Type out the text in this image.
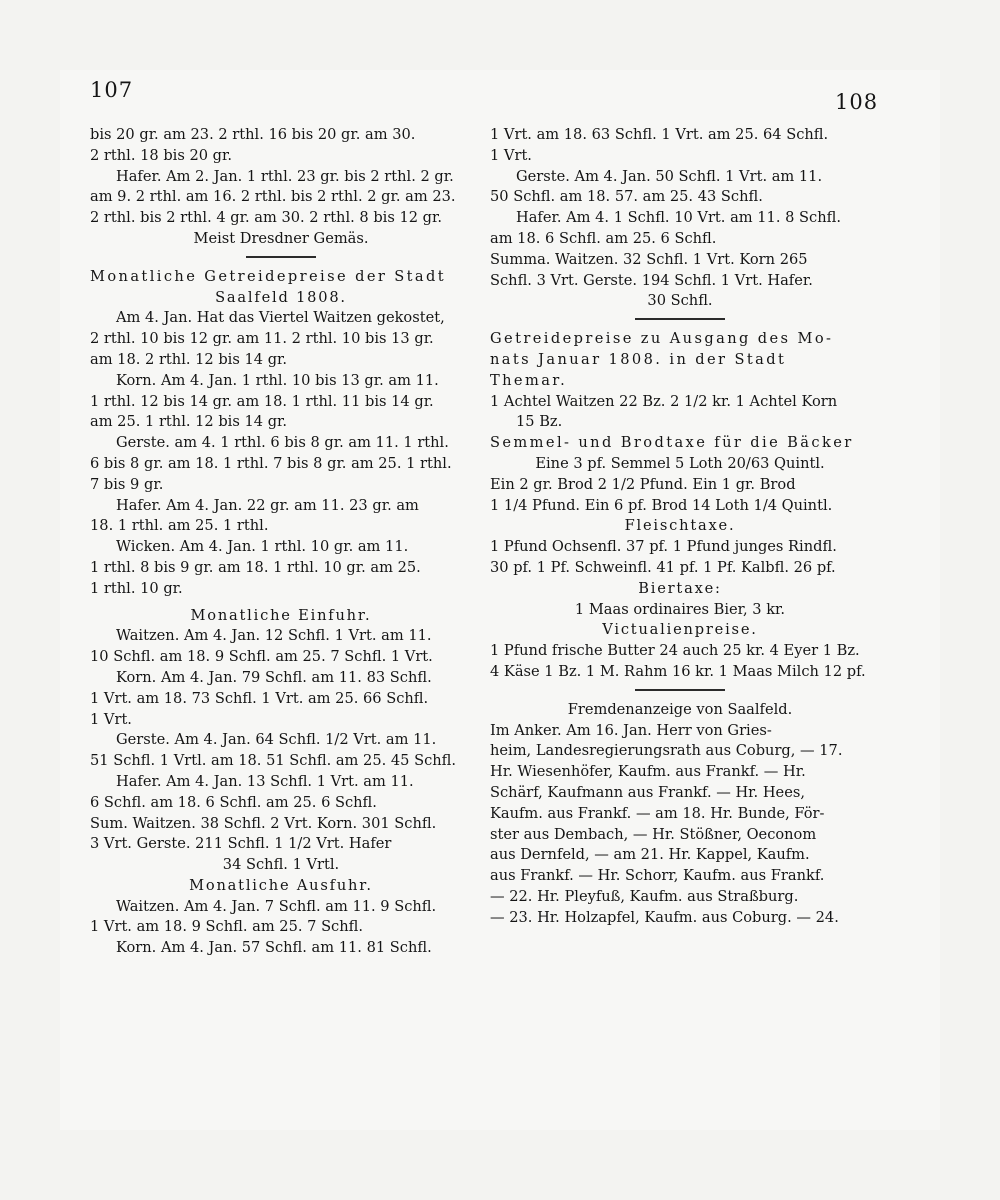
107	108

bis 20 gr. am 23. 2 rthl. 16 bis 20 gr. am 30.

2 rthl. 18 bis 20 gr.

Hafer. Am 2. Jan. 1 rthl. 23 gr. bis 2 rthl. 2 gr.

am 9. 2 rthl. am 16. 2 rthl. bis 2 rthl. 2 gr. am 23.

2 rthl. bis 2 rthl. 4 gr. am 30. 2 rthl. 8 bis 12 gr.

Meist Dresdner Gemäs.

Monatliche Getreidepreise der Stadt

Saalfeld 1808.

Am 4. Jan. Hat das Viertel Waitzen gekostet,

2 rthl. 10 bis 12 gr. am 11. 2 rthl. 10 bis 13 gr.

am 18. 2 rthl. 12 bis 14 gr.

Korn. Am 4. Jan. 1 rthl. 10 bis 13 gr. am 11.

1 rthl. 12 bis 14 gr. am 18. 1 rthl. 11 bis 14 gr.

am 25. 1 rthl. 12 bis 14 gr.

Gerste. am 4. 1 rthl. 6 bis 8 gr. am 11. 1 rthl.

6 bis 8 gr. am 18. 1 rthl. 7 bis 8 gr. am 25. 1 rthl.

7 bis 9 gr.

Hafer. Am 4. Jan. 22 gr. am 11. 23 gr. am

18. 1 rthl. am 25. 1 rthl.

Wicken. Am 4. Jan. 1 rthl. 10 gr. am 11.

1 rthl. 8 bis 9 gr. am 18. 1 rthl. 10 gr. am 25.

1 rthl. 10 gr.

Monatliche Einfuhr.

Waitzen. Am 4. Jan. 12 Schfl. 1 Vrt. am 11.

10 Schfl. am 18. 9 Schfl. am 25. 7 Schfl. 1 Vrt.

Korn. Am 4. Jan. 79 Schfl. am 11. 83 Schfl.

1 Vrt. am 18. 73 Schfl. 1 Vrt. am 25. 66 Schfl.

1 Vrt.

Gerste. Am 4. Jan. 64 Schfl. 1/2 Vrt. am 11.

51 Schfl. 1 Vrtl. am 18. 51 Schfl. am 25. 45 Schfl.

Hafer. Am 4. Jan. 13 Schfl. 1 Vrt. am 11.

6 Schfl. am 18. 6 Schfl. am 25. 6 Schfl.

Sum. Waitzen. 38 Schfl. 2 Vrt. Korn. 301 Schfl.

3 Vrt. Gerste. 211 Schfl. 1 1/2 Vrt. Hafer

34 Schfl. 1 Vrtl.

Monatliche Ausfuhr.

Waitzen. Am 4. Jan. 7 Schfl. am 11. 9 Schfl.

1 Vrt. am 18. 9 Schfl. am 25. 7 Schfl.

Korn. Am 4. Jan. 57 Schfl. am 11. 81 Schfl.

1 Vrt. am 18. 63 Schfl. 1 Vrt. am 25. 64 Schfl.

1 Vrt.

Gerste. Am 4. Jan. 50 Schfl. 1 Vrt. am 11.

50 Schfl. am 18. 57. am 25. 43 Schfl.

Hafer. Am 4. 1 Schfl. 10 Vrt. am 11. 8 Schfl.

am 18. 6 Schfl. am 25. 6 Schfl.

Summa. Waitzen. 32 Schfl. 1 Vrt. Korn 265

Schfl. 3 Vrt. Gerste. 194 Schfl. 1 Vrt. Hafer.

30 Schfl.

Getreidepreise zu Ausgang des Mo-

nats Januar 1808. in der Stadt

Themar.

1 Achtel Waitzen 22 Bz. 2 1/2 kr. 1 Achtel Korn

15 Bz.

Semmel- und Brodtaxe für die Bäcker

Eine 3 pf. Semmel 5 Loth 20/63 Quintl.

Ein 2 gr. Brod 2 1/2 Pfund. Ein 1 gr. Brod

1 1/4 Pfund. Ein 6 pf. Brod 14 Loth 1/4 Quintl.

Fleischtaxe.

1 Pfund Ochsenfl. 37 pf. 1 Pfund junges Rindfl.

30 pf. 1 Pf. Schweinfl. 41 pf. 1 Pf. Kalbfl. 26 pf.

Biertaxe:

1 Maas ordinaires Bier, 3 kr.

Victualienpreise.

1 Pfund frische Butter 24 auch 25 kr. 4 Eyer 1 Bz.

4 Käse 1 Bz. 1 M. Rahm 16 kr. 1 Maas Milch 12 pf.

Fremdenanzeige von Saalfeld.

Im Anker. Am 16. Jan. Herr von Gries-

heim, Landesregierungsrath aus Coburg, — 17.

Hr. Wiesenhöfer, Kaufm. aus Frankf. — Hr.

Schärf, Kaufmann aus Frankf. — Hr. Hees,

Kaufm. aus Frankf. — am 18. Hr. Bunde, För-

ster aus Dembach, — Hr. Stößner, Oeconom

aus Dernfeld, — am 21. Hr. Kappel, Kaufm.

aus Frankf. — Hr. Schorr, Kaufm. aus Frankf.

— 22. Hr. Pleyfuß, Kaufm. aus Straßburg.

— 23. Hr. Holzapfel, Kaufm. aus Coburg. — 24.
